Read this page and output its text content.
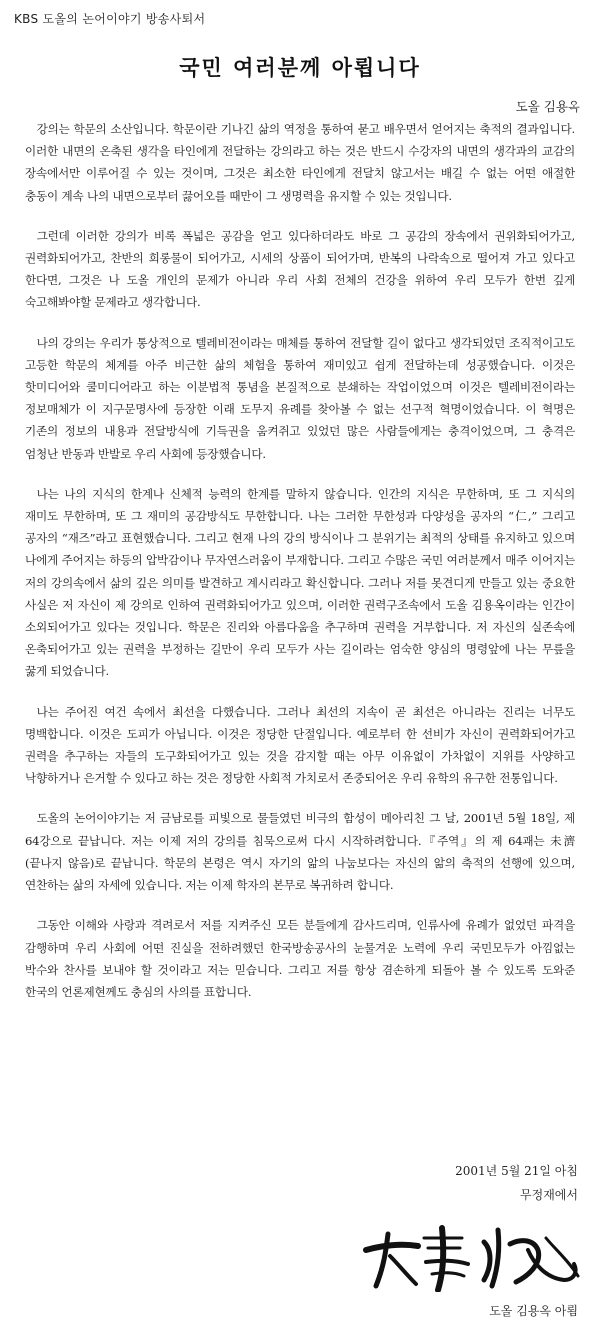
KBS 도올의 논어이야기 방송사퇴서
국민 여러분께 아룁니다
도올 김용옥

강의는 학문의 소산입니다. 학문이란 기나긴 삶의 역정을 통하여 묻고 배우면서 얻어지는 축적의 결과입니다. 이러한 내면의 온축된 생각을 타인에게 전달하는 강의라고 하는 것은 반드시 수강자의 내면의 생각과의 교감의 장속에서만 이루어질 수 있는 것이며, 그것은 최소한 타인에게 전달치 않고서는 배길 수 없는 어떤 애절한 충동이 계속 나의 내면으로부터 끓어오를 때만이 그 생명력을 유지할 수 있는 것입니다.

그런데 이러한 강의가 비록 폭넓은 공감을 얻고 있다하더라도 바로 그 공감의 장속에서 권위화되어가고, 권력화되어가고, 찬반의 희롱물이 되어가고, 시세의 상품이 되어가며, 반복의 나락속으로 떨어져 가고 있다고 한다면, 그것은 나 도올 개인의 문제가 아니라 우리 사회 전체의 건강을 위하여 우리 모두가 한번 깊게 숙고해봐야할 문제라고 생각합니다.

나의 강의는 우리가 통상적으로 텔레비전이라는 매체를 통하여 전달할 길이 없다고 생각되었던 조직적이고도 고등한 학문의 체계를 아주 비근한 삶의 체험을 통하여 재미있고 쉽게 전달하는데 성공했습니다. 이것은 핫미디어와 쿨미디어라고 하는 이분법적 통념을 본질적으로 분쇄하는 작업이었으며 이것은 텔레비전이라는 정보매체가 이 지구문명사에 등장한 이래 도무지 유례를 찾아볼 수 없는 선구적 혁명이었습니다. 이 혁명은 기존의 정보의 내용과 전달방식에 기득권을 움켜쥐고 있었던 많은 사람들에게는 충격이었으며, 그 충격은 엄청난 반동과 반발로 우리 사회에 등장했습니다.

나는 나의 지식의 한계나 신체적 능력의 한계를 말하지 않습니다. 인간의 지식은 무한하며, 또 그 지식의 재미도 무한하며, 또 그 재미의 공감방식도 무한합니다. 나는 그러한 무한성과 다양성을 공자의 “仁,” 그리고 공자의 “재즈”라고 표현했습니다. 그리고 현재 나의 강의 방식이나 그 분위기는 최적의 상태를 유지하고 있으며 나에게 주어지는 하등의 압박감이나 무자연스러움이 부재합니다. 그리고 수많은 국민 여러분께서 매주 이어지는 저의 강의속에서 삶의 깊은 의미를 발견하고 계시리라고 확신합니다. 그러나 저를 못견디게 만들고 있는 중요한 사실은 저 자신이 제 강의로 인하여 권력화되어가고 있으며, 이러한 권력구조속에서 도올 김용옥이라는 인간이 소외되어가고 있다는 것입니다. 학문은 진리와 아름다움을 추구하며 권력을 거부합니다. 저 자신의 실존속에 온축되어가고 있는 권력을 부정하는 길만이 우리 모두가 사는 길이라는 엄숙한 양심의 명령앞에 나는 무릎을 꿇게 되었습니다.

나는 주어진 여건 속에서 최선을 다했습니다. 그러나 최선의 지속이 곧 최선은 아니라는 진리는 너무도 명백합니다. 이것은 도피가 아닙니다. 이것은 정당한 단절입니다. 예로부터 한 선비가 자신이 권력화되어가고 권력을 추구하는 자들의 도구화되어가고 있는 것을 감지할 때는 아무 이유없이 가차없이 지위를 사양하고 낙향하거나 은거할 수 있다고 하는 것은 정당한 사회적 가치로서 존중되어온 우리 유학의 유구한 전통입니다.

도올의 논어이야기는 저 금남로를 피빛으로 물들였던 비극의 함성이 메아리친 그 날, 2001년 5월 18일, 제 64강으로 끝납니다. 저는 이제 저의 강의를 침묵으로써 다시 시작하려합니다.『주역』의 제 64괘는 未濟(끝나지 않음)로 끝납니다. 학문의 본령은 역시 자기의 앎의 나눔보다는 자신의 앎의 축적의 선행에 있으며, 연찬하는 삶의 자세에 있습니다. 저는 이제 학자의 본무로 복귀하려 합니다.

그동안 이해와 사랑과 격려로서 저를 지켜주신 모든 분들에게 감사드리며, 인류사에 유례가 없었던 파격을 감행하며 우리 사회에 어떤 진실을 전하려했던 한국방송공사의 눈물겨운 노력에 우리 국민모두가 아낌없는 박수와 찬사를 보내야 할 것이라고 저는 믿습니다. 그리고 저를 항상 겸손하게 되돌아 볼 수 있도록 도와준 한국의 언론제현께도 충심의 사의를 표합니다.

2001년 5월 21일 아침
무정재에서
도올 김용옥 아룀
